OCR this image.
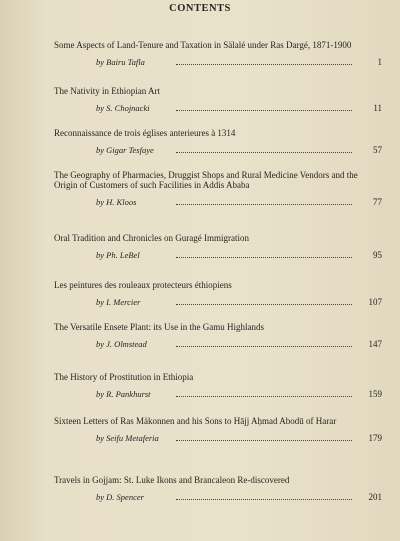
CONTENTS

Some Aspects of Land-Tenure and Taxation in Sälalé under Ras Dargé, 1871-1900

by Bairu Tafla	1

The Nativity in Ethiopian Art

by S. Chojnacki	11

Reconnaissance de trois églises anterieures à 1314

by Gigar Tesfaye	57

The Geography of Pharmacies, Druggist Shops and Rural Medicine Vendors and the Origin of Customers of such Facilities in Addis Ababa

by H. Kloos	77

Oral Tradition and Chronicles on Guragé Immigration

by Ph. LeBel	95

Les peintures des rouleaux protecteurs éthiopiens

by I. Mercier	107

The Versatile Ensete Plant: its Use in the Gamu Highlands

by J. Olmstead	147

The History of Prostitution in Ethiopia

by R. Pankhurst	159

Sixteen Letters of Ras Mäkonnen and his Sons to Hājj Aḥmad Abodū of Harar

by Seifu Metaferia	179

Travels in Gojjam: St. Luke Ikons and Brancaleon Re-discovered

by D. Spencer	201
